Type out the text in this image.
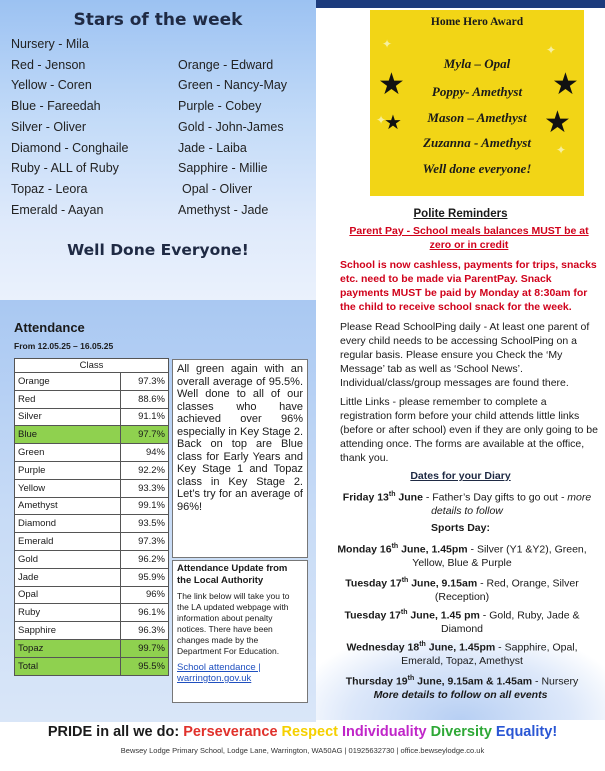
Stars of the week
Nursery - Mila
Red - Jenson
Yellow - Coren
Blue - Fareedah
Silver - Oliver
Diamond - Conghaile
Ruby - ALL of Ruby
Topaz - Leora
Emerald - Aayan
Orange - Edward
Green - Nancy-May
Purple - Cobey
Gold - John-James
Jade - Laiba
Sapphire - Millie
Opal - Oliver
Amethyst - Jade
Well Done Everyone!
Home Hero Award
Myla – Opal
Poppy- Amethyst
Mason – Amethyst
Zuzanna - Amethyst
Well done everyone!
★	★
★
★
✦	✦
✦
✦
Polite Reminders
Parent Pay - School meals balances MUST be at zero or in credit
School is now cashless, payments for trips, snacks etc. need to be made via ParentPay. Snack payments MUST be paid by Monday at 8:30am for the child to receive school snack for the week.
Please Read SchoolPing daily - At least one parent of every child needs to be accessing SchoolPing on a regular basis. Please ensure you Check the ‘My Message’ tab as well as ‘School News’. Individual/class/group messages are found there.
Little Links - please remember to complete a registration form before your child attends little links (before or after school) even if they are only going to be attending once. The forms are available at the office, thank you.
Dates for your Diary
Friday 13th June - Father’s Day gifts to go out - more details to follow
Sports Day:
Monday 16th June, 1.45pm - Silver (Y1 &Y2), Green, Yellow, Blue & Purple
Tuesday 17th June, 9.15am - Red, Orange, Silver (Reception)
Tuesday 17th June, 1.45 pm - Gold, Ruby, Jade & Diamond
Wednesday 18th June, 1.45pm - Sapphire, Opal, Emerald, Topaz, Amethyst
Thursday 19th June, 9.15am & 1.45am - Nursery
More details to follow on all events
Attendance
From 12.05.25 – 16.05.25
Class	
Orange	97.3%
Red	88.6%
Silver	91.1%
Blue	97.7%
Green	94%
Purple	92.2%
Yellow	93.3%
Amethyst	99.1%
Diamond	93.5%
Emerald	97.3%
Gold	96.2%
Jade	95.9%
Opal	96%
Ruby	96.1%
Sapphire	96.3%
Topaz	99.7%
Total	95.5%
All green again with an overall average of 95.5%. Well done to all of our classes who have achieved over 96% especially in Key Stage 2. Back on top are Blue class for Early Years and Key Stage 1 and Topaz class in Key Stage 2. Let’s try for an average of 96%!
Attendance Update from the Local Authority
The link below will take you to the LA updated webpage with information about penalty notices. There have been changes made by the Department For Education.
School attendance | warrington.gov.uk
PRIDE in all we do: Perseverance Respect Individuality Diversity Equality!
Bewsey Lodge Primary School, Lodge Lane, Warrington, WA50AG | 01925632730 | office.bewseylodge.co.uk
